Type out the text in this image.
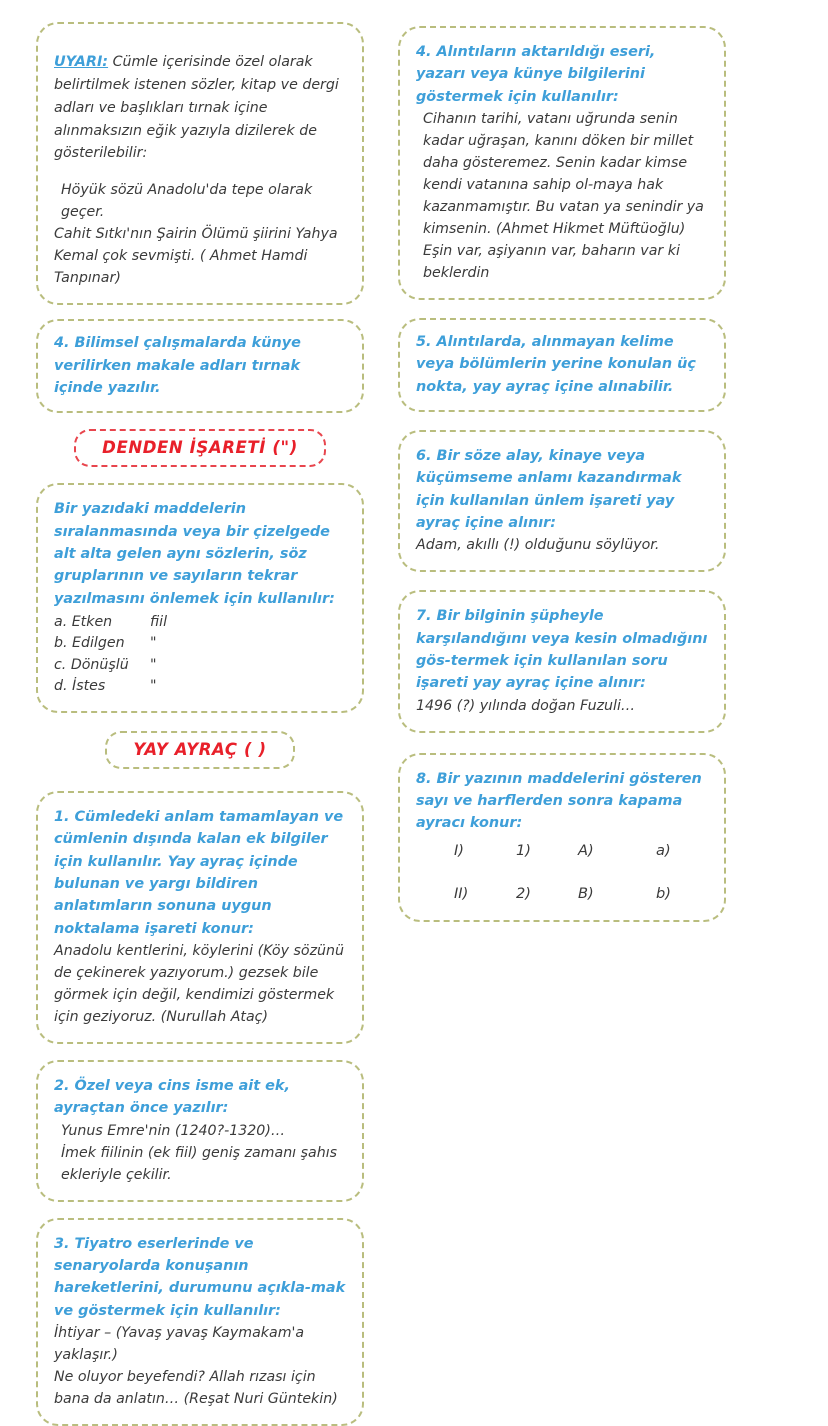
UYARI: Cümle içerisinde özel olarak belirtilmek istenen sözler, kitap ve dergi adları ve başlıkları tırnak içine alınmaksızın eğik yazıyla dizilerek de gösterilebilir:

Höyük sözü Anadolu'da tepe olarak geçer.

Cahit Sıtkı'nın Şairin Ölümü şiirini Yahya Kemal çok sevmişti. ( Ahmet Hamdi Tanpınar)

4. Bilimsel çalışmalarda künye verilirken makale adları tırnak içinde yazılır.

DENDEN İŞARETİ (")

Bir yazıdaki maddelerin sıralanmasında veya bir çizelgede alt alta gelen aynı sözlerin, söz gruplarının ve sayıların tekrar yazılmasını önlemek için kullanılır:

a. Etken	fiil
b. Edilgen	"
c. Dönüşlü	"
d. İstes	"
YAY AYRAÇ ( )

1. Cümledeki anlam tamamlayan ve cümlenin dışında kalan ek bilgiler için kullanılır. Yay ayraç içinde bulunan ve yargı bildiren anlatımların sonuna uygun noktalama işareti konur:

Anadolu kentlerini, köylerini (Köy sözünü de çekinerek yazıyorum.) gezsek bile görmek için değil, kendimizi göstermek için geziyoruz. (Nurullah Ataç)

2. Özel veya cins isme ait ek, ayraçtan önce yazılır:

Yunus Emre'nin (1240?-1320)…

İmek fiilinin (ek fiil) geniş zamanı şahıs ekleriyle çekilir.

3. Tiyatro eserlerinde ve senaryolarda konuşanın hareketlerini, durumunu açıkla-mak ve göstermek için kullanılır:

İhtiyar – (Yavaş yavaş Kaymakam'a yaklaşır.)

Ne oluyor beyefendi? Allah rızası için bana da anlatın… (Reşat Nuri Güntekin)

4. Alıntıların aktarıldığı eseri, yazarı veya künye bilgilerini göstermek için kullanılır:

Cihanın tarihi, vatanı uğrunda senin kadar uğraşan, kanını döken bir millet daha gösteremez. Senin kadar kimse kendi vatanına sahip ol-maya hak kazanmamıştır. Bu vatan ya senindir ya kimsenin. (Ahmet Hikmet Müftüoğlu)

Eşin var, aşiyanın var, baharın var ki beklerdin

5. Alıntılarda, alınmayan kelime veya bölümlerin yerine konulan üç nokta, yay ayraç içine alınabilir.

6. Bir söze alay, kinaye veya küçümseme anlamı kazandırmak için kullanılan ünlem işareti yay ayraç içine alınır:

Adam, akıllı (!) olduğunu söylüyor.

7. Bir bilginin şüpheyle karşılandığını veya kesin olmadığını gös-termek için kullanılan soru işareti yay ayraç içine alınır:

1496 (?) yılında doğan Fuzuli…

8. Bir yazının maddelerini gösteren sayı ve harflerden sonra kapama ayracı konur:

I)	1)	A)	a)
II)	2)	B)	b)
